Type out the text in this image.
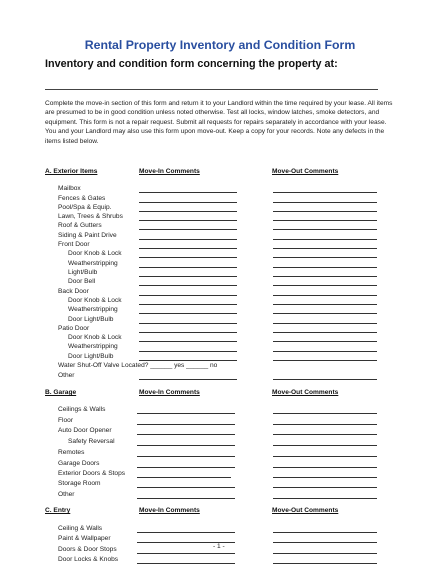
Rental Property Inventory and Condition Form
Inventory and condition form concerning the property at:

Complete the move-in section of this form and return it to your Landlord within the time required by your lease. All items are presumed to be in good condition unless noted otherwise. Test all locks, window latches, smoke detectors, and equipment. This form is not a repair request. Submit all requests for repairs separately in accordance with your lease. You and your Landlord may also use this form upon move-out. Keep a copy for your records. Note any defects in the items listed below.

A. Exterior Items	Move-In Comments	Move-Out Comments
Mailbox
Fences & Gates
Pool/Spa & Equip.
Lawn, Trees & Shrubs
Roof & Gutters
Siding & Paint Drive
Front Door
Door Knob & Lock
Weatherstripping
Light/Bulb
Door Bell
Back Door
Door Knob & Lock
Weatherstripping
Door Light/Bulb
Patio Door
Door Knob & Lock
Weatherstripping
Door Light/Bulb
Water Shut-Off Valve Located? ______ yes ______ no
Other
B. Garage	Move-In Comments	Move-Out Comments
Ceilings & Walls
Floor
Auto Door Opener
Safety Reversal
Remotes
Garage Doors
Exterior Doors & Stops
Storage Room
Other
C. Entry	Move-In Comments	Move-Out Comments
Ceiling & Walls
Paint & Wallpaper
Doors & Door Stops
Door Locks & Knobs
- 1 -
